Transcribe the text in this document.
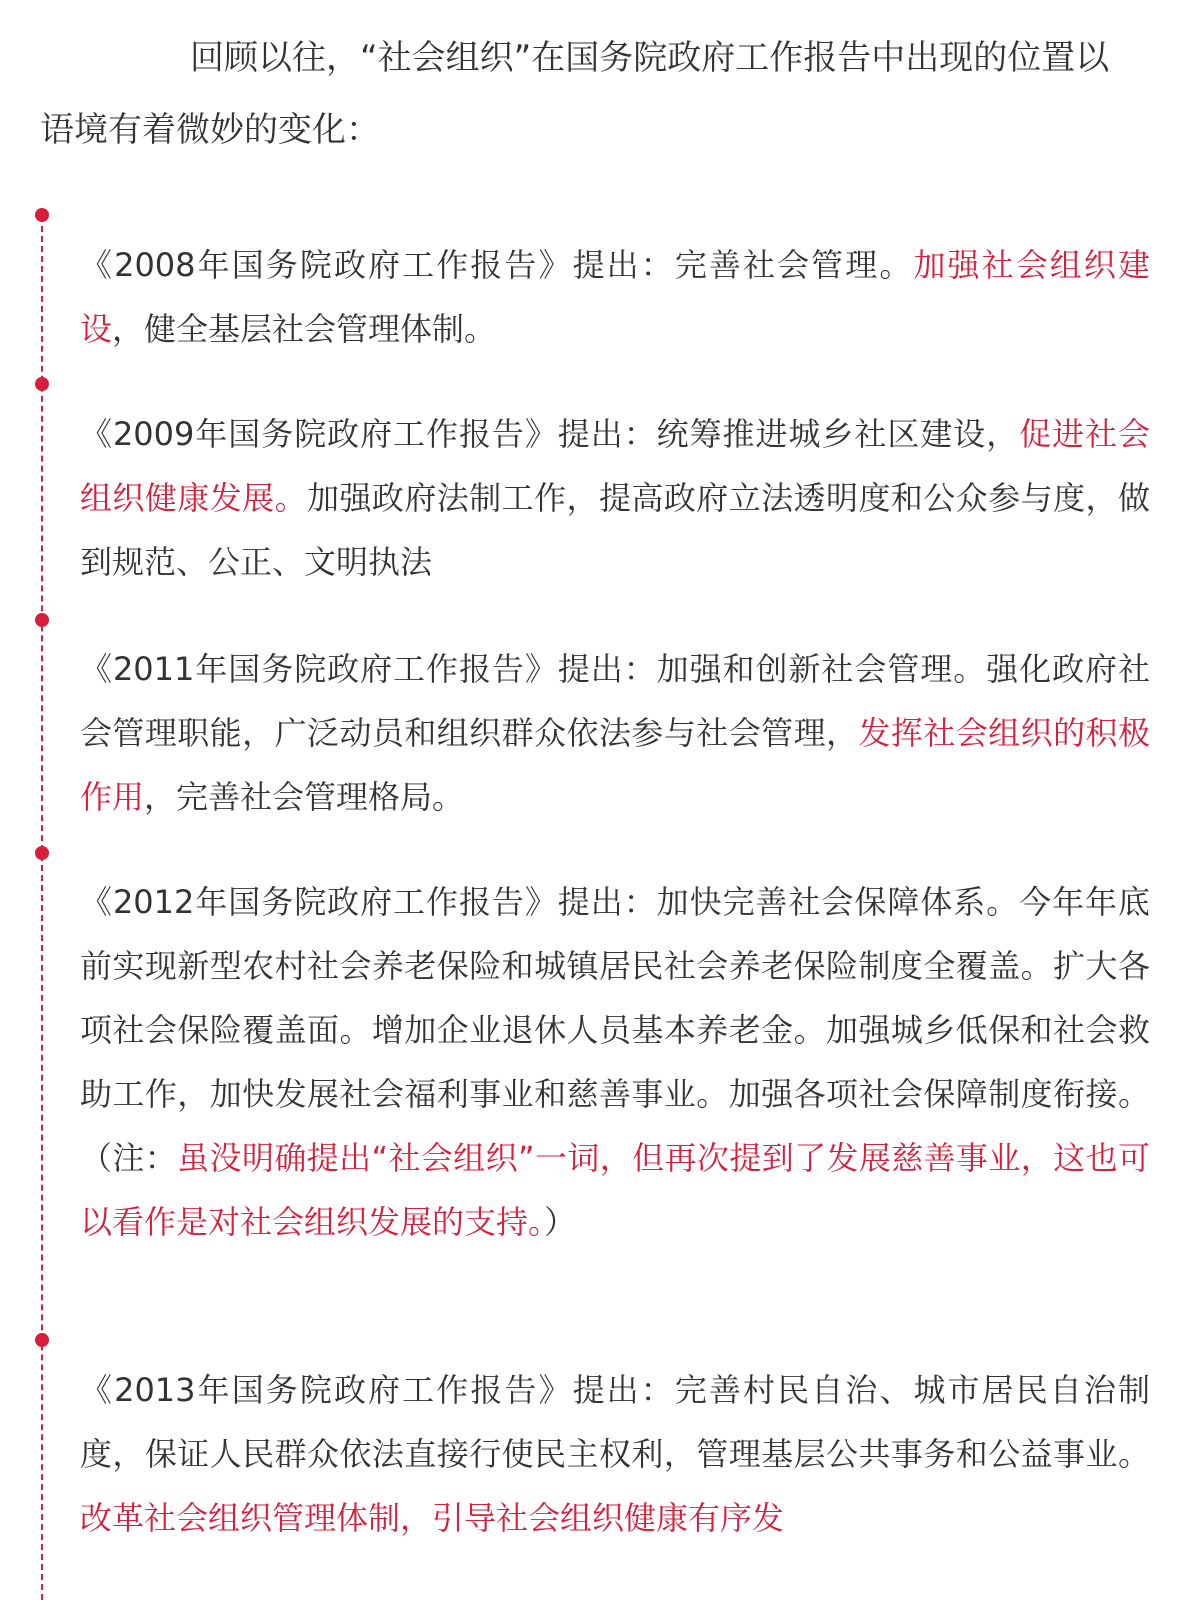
回顾以往，“社会组织”在国务院政府工作报告中出现的位置以
语境有着微妙的变化：

《2008年国务院政府工作报告》提出：完善社会管理。加强社会组织建设，健全基层社会管理体制。

《2009年国务院政府工作报告》提出：统筹推进城乡社区建设，促进社会组织健康发展。加强政府法制工作，提高政府立法透明度和公众参与度，做到规范、公正、文明执法

《2011年国务院政府工作报告》提出：加强和创新社会管理。强化政府社会管理职能，广泛动员和组织群众依法参与社会管理，发挥社会组织的积极作用，完善社会管理格局。

《2012年国务院政府工作报告》提出：加快完善社会保障体系。今年年底前实现新型农村社会养老保险和城镇居民社会养老保险制度全覆盖。扩大各项社会保险覆盖面。增加企业退休人员基本养老金。加强城乡低保和社会救助工作，加快发展社会福利事业和慈善事业。加强各项社会保障制度衔接。（注：虽没明确提出“社会组织”一词，但再次提到了发展慈善事业，这也可以看作是对社会组织发展的支持。）

《2013年国务院政府工作报告》提出：完善村民自治、城市居民自治制度，保证人民群众依法直接行使民主权利，管理基层公共事务和公益事业。改革社会组织管理体制，引导社会组织健康有序发
